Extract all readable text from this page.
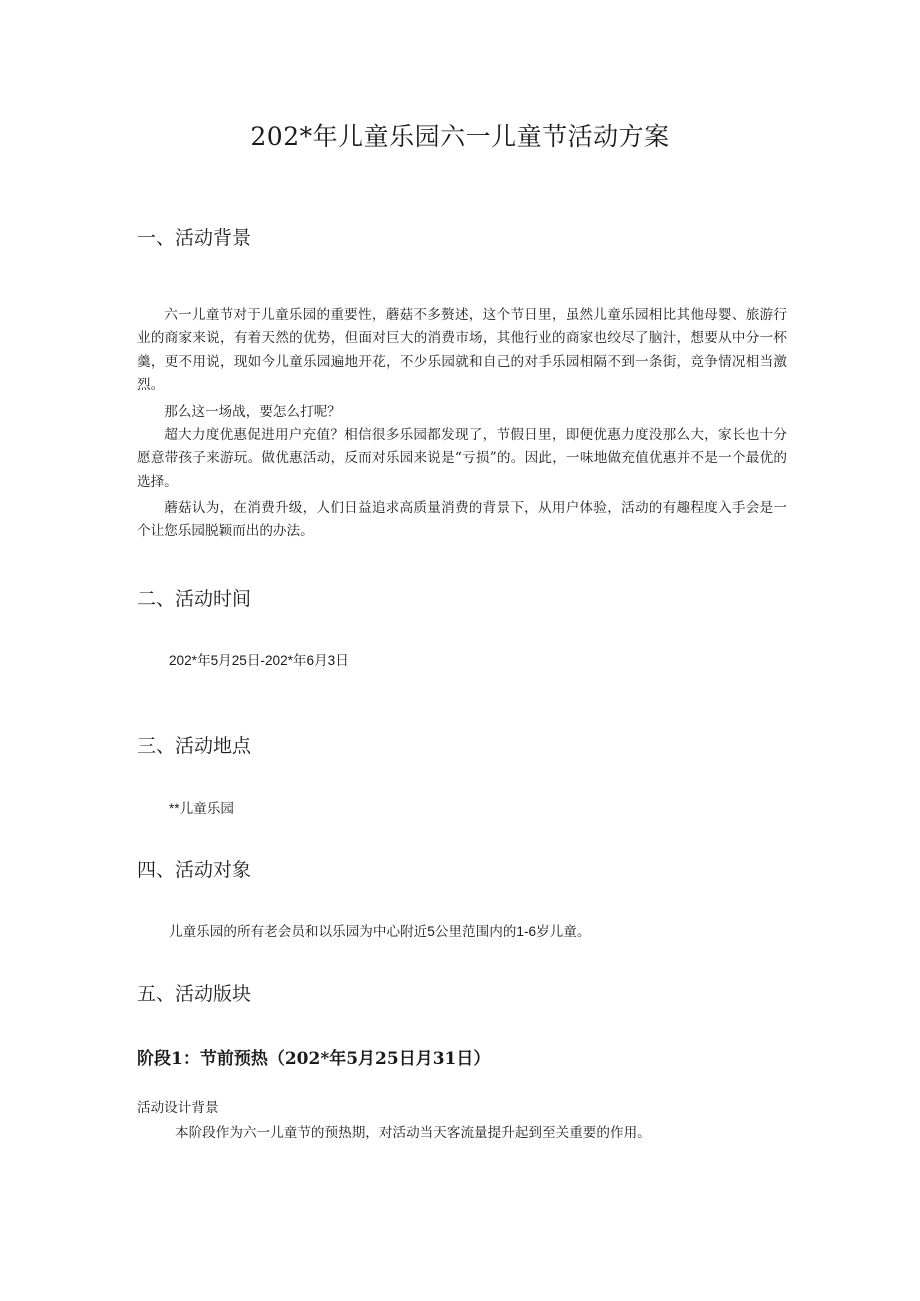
202*年儿童乐园六一儿童节活动方案
一、活动背景

六一儿童节对于儿童乐园的重要性，蘑菇不多赘述，这个节日里，虽然儿童乐园相比其他母婴、旅游行业的商家来说，有着天然的优势，但面对巨大的消费市场，其他行业的商家也绞尽了脑汁，想要从中分一杯羹，更不用说，现如今儿童乐园遍地开花，不少乐园就和自己的对手乐园相隔不到一条街，竞争情况相当激烈。

那么这一场战，要怎么打呢？

超大力度优惠促进用户充值？相信很多乐园都发现了，节假日里，即便优惠力度没那么大，家长也十分愿意带孩子来游玩。做优惠活动，反而对乐园来说是“亏损”的。因此，一味地做充值优惠并不是一个最优的选择。

蘑菇认为，在消费升级，人们日益追求高质量消费的背景下，从用户体验，活动的有趣程度入手会是一个让您乐园脱颖而出的办法。

二、活动时间

202*年5月25日-202*年6月3日

三、活动地点

**儿童乐园

四、活动对象

儿童乐园的所有老会员和以乐园为中心附近5公里范围内的1-6岁儿童。

五、活动版块
阶段1：节前预热（202*年5月25日月31日）

活动设计背景

本阶段作为六一儿童节的预热期，对活动当天客流量提升起到至关重要的作用。
